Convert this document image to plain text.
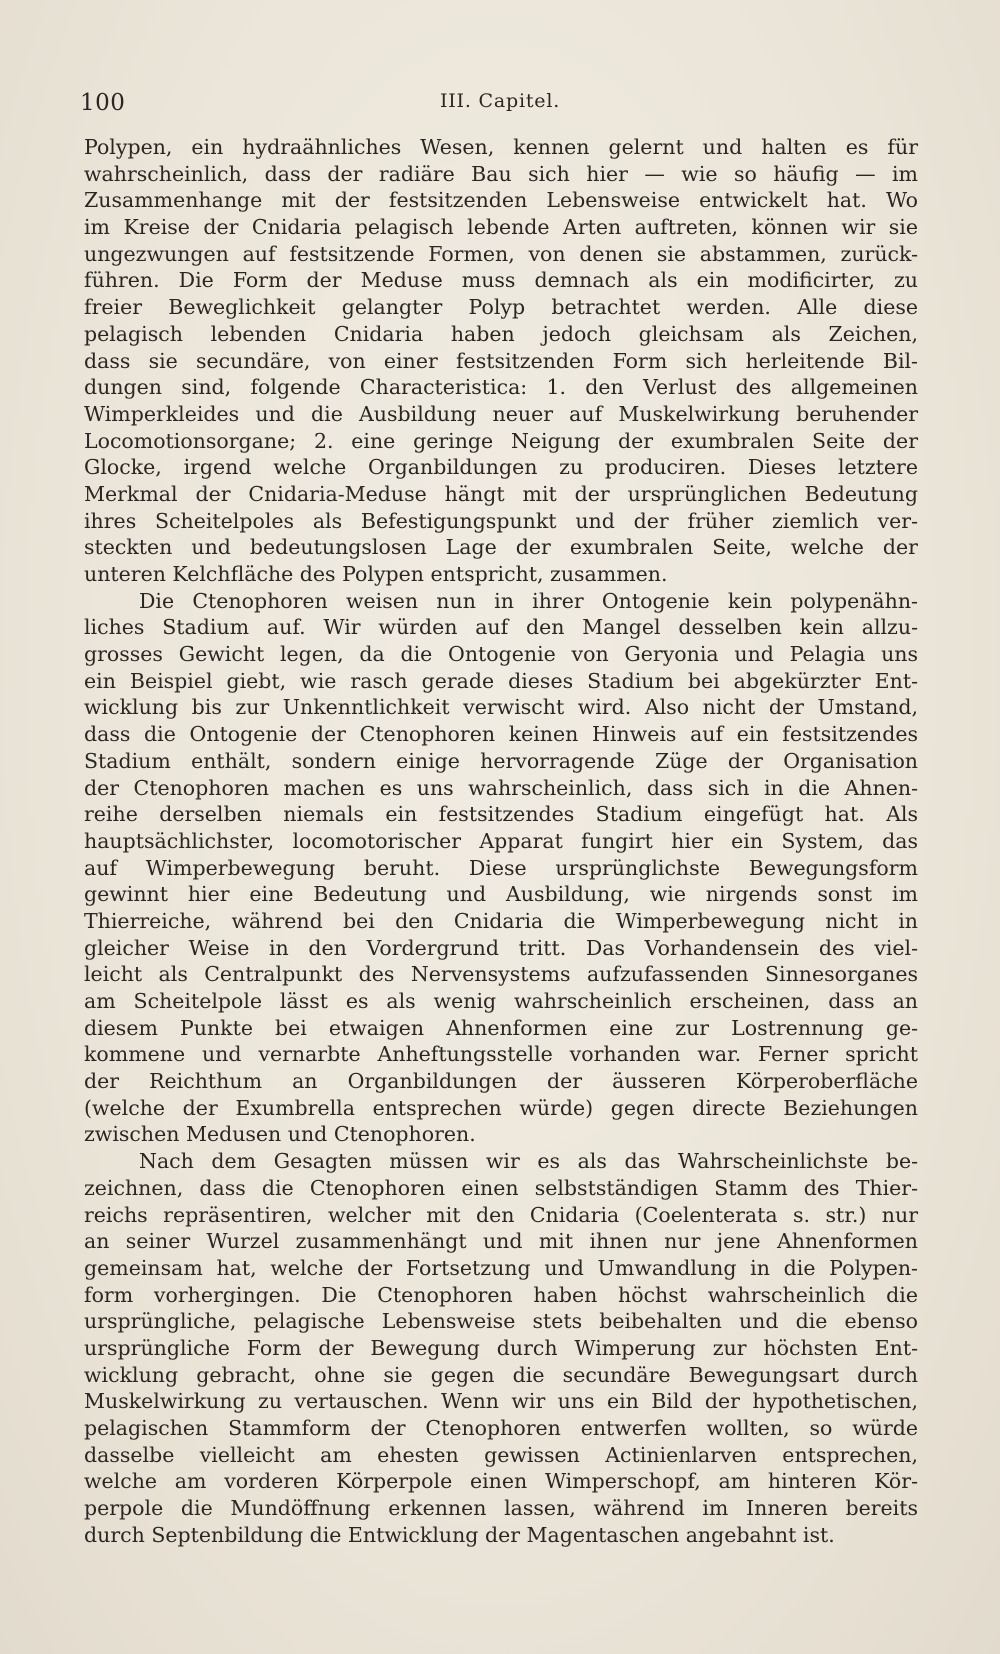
100	III. Capitel.
Polypen, ein hydraähnliches Wesen, kennen gelernt und halten es für
wahrscheinlich, dass der radiäre Bau sich hier — wie so häufig — im
Zusammenhange mit der festsitzenden Lebensweise entwickelt hat. Wo
im Kreise der Cnidaria pelagisch lebende Arten auftreten, können wir sie
ungezwungen auf festsitzende Formen, von denen sie abstammen, zurück-
führen. Die Form der Meduse muss demnach als ein modificirter, zu
freier Beweglichkeit gelangter Polyp betrachtet werden. Alle diese
pelagisch lebenden Cnidaria haben jedoch gleichsam als Zeichen,
dass sie secundäre, von einer festsitzenden Form sich herleitende Bil-
dungen sind, folgende Characteristica: 1. den Verlust des allgemeinen
Wimperkleides und die Ausbildung neuer auf Muskelwirkung beruhender
Locomotionsorgane; 2. eine geringe Neigung der exumbralen Seite der
Glocke, irgend welche Organbildungen zu produciren. Dieses letztere
Merkmal der Cnidaria-Meduse hängt mit der ursprünglichen Bedeutung
ihres Scheitelpoles als Befestigungspunkt und der früher ziemlich ver-
steckten und bedeutungslosen Lage der exumbralen Seite, welche der
unteren Kelchfläche des Polypen entspricht, zusammen.
Die Ctenophoren weisen nun in ihrer Ontogenie kein polypenähn-
liches Stadium auf. Wir würden auf den Mangel desselben kein allzu-
grosses Gewicht legen, da die Ontogenie von Geryonia und Pelagia uns
ein Beispiel giebt, wie rasch gerade dieses Stadium bei abgekürzter Ent-
wicklung bis zur Unkenntlichkeit verwischt wird. Also nicht der Umstand,
dass die Ontogenie der Ctenophoren keinen Hinweis auf ein festsitzendes
Stadium enthält, sondern einige hervorragende Züge der Organisation
der Ctenophoren machen es uns wahrscheinlich, dass sich in die Ahnen-
reihe derselben niemals ein festsitzendes Stadium eingefügt hat. Als
hauptsächlichster, locomotorischer Apparat fungirt hier ein System, das
auf Wimperbewegung beruht. Diese ursprünglichste Bewegungsform
gewinnt hier eine Bedeutung und Ausbildung, wie nirgends sonst im
Thierreiche, während bei den Cnidaria die Wimperbewegung nicht in
gleicher Weise in den Vordergrund tritt. Das Vorhandensein des viel-
leicht als Centralpunkt des Nervensystems aufzufassenden Sinnesorganes
am Scheitelpole lässt es als wenig wahrscheinlich erscheinen, dass an
diesem Punkte bei etwaigen Ahnenformen eine zur Lostrennung ge-
kommene und vernarbte Anheftungsstelle vorhanden war. Ferner spricht
der Reichthum an Organbildungen der äusseren Körperoberfläche
(welche der Exumbrella entsprechen würde) gegen directe Beziehungen
zwischen Medusen und Ctenophoren.
Nach dem Gesagten müssen wir es als das Wahrscheinlichste be-
zeichnen, dass die Ctenophoren einen selbstständigen Stamm des Thier-
reichs repräsentiren, welcher mit den Cnidaria (Coelenterata s. str.) nur
an seiner Wurzel zusammenhängt und mit ihnen nur jene Ahnenformen
gemeinsam hat, welche der Fortsetzung und Umwandlung in die Polypen-
form vorhergingen. Die Ctenophoren haben höchst wahrscheinlich die
ursprüngliche, pelagische Lebensweise stets beibehalten und die ebenso
ursprüngliche Form der Bewegung durch Wimperung zur höchsten Ent-
wicklung gebracht, ohne sie gegen die secundäre Bewegungsart durch
Muskelwirkung zu vertauschen. Wenn wir uns ein Bild der hypothetischen,
pelagischen Stammform der Ctenophoren entwerfen wollten, so würde
dasselbe vielleicht am ehesten gewissen Actinienlarven entsprechen,
welche am vorderen Körperpole einen Wimperschopf, am hinteren Kör-
perpole die Mundöffnung erkennen lassen, während im Inneren bereits
durch Septenbildung die Entwicklung der Magentaschen angebahnt ist.
